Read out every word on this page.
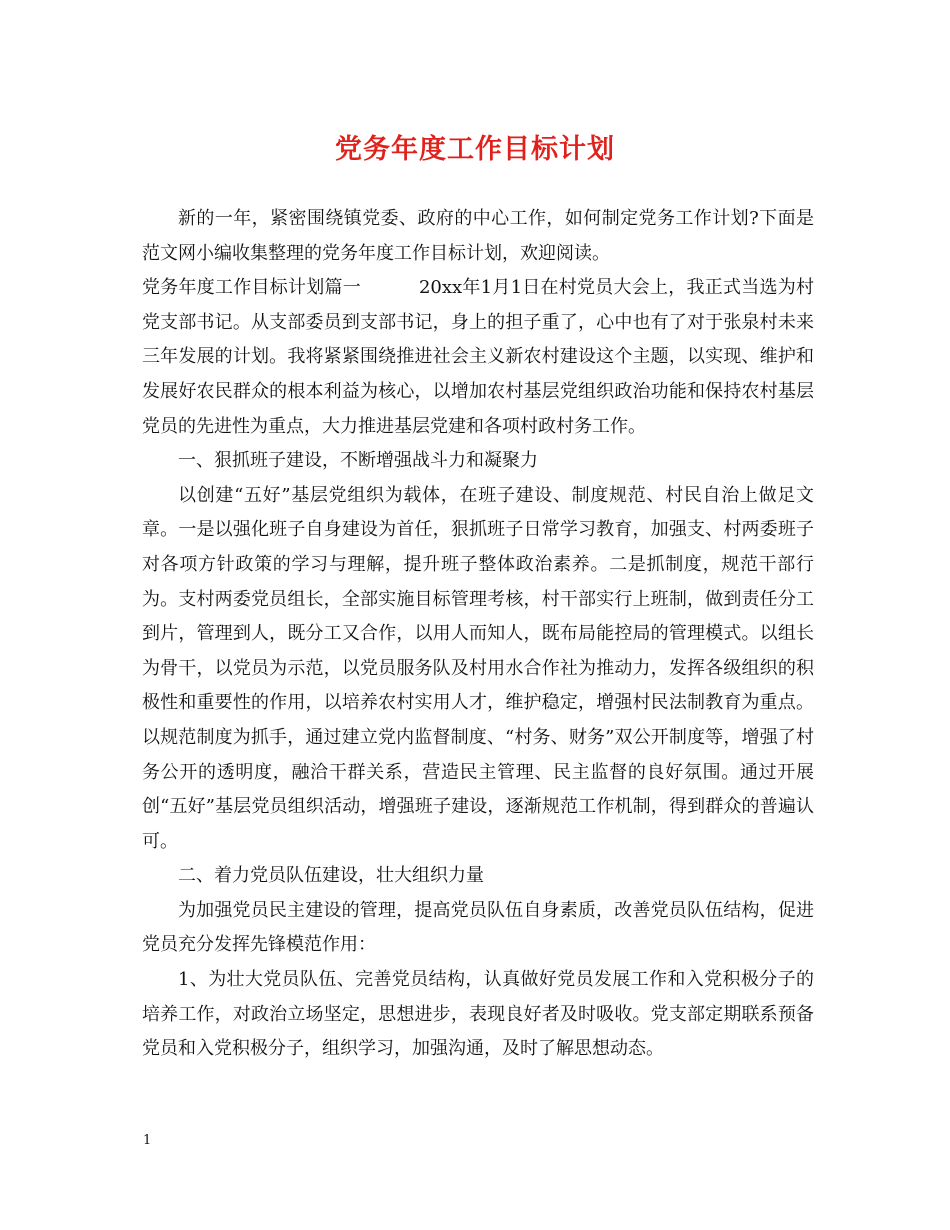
党务年度工作目标计划

新的一年，紧密围绕镇党委、政府的中心工作，如何制定党务工作计划?下面是范文网小编收集整理的党务年度工作目标计划，欢迎阅读。

党务年度工作目标计划篇一	20xx年1月1日在村党员大会上，我正式当选为村党支部书记。从支部委员到支部书记，身上的担子重了，心中也有了对于张泉村未来三年发展的计划。我将紧紧围绕推进社会主义新农村建设这个主题，以实现、维护和发展好农民群众的根本利益为核心，以增加农村基层党组织政治功能和保持农村基层党员的先进性为重点，大力推进基层党建和各项村政村务工作。

一、狠抓班子建设，不断增强战斗力和凝聚力

以创建“五好”基层党组织为载体，在班子建设、制度规范、村民自治上做足文章。一是以强化班子自身建设为首任，狠抓班子日常学习教育，加强支、村两委班子对各项方针政策的学习与理解，提升班子整体政治素养。二是抓制度，规范干部行为。支村两委党员组长，全部实施目标管理考核，村干部实行上班制，做到责任分工到片，管理到人，既分工又合作，以用人而知人，既布局能控局的管理模式。以组长为骨干，以党员为示范，以党员服务队及村用水合作社为推动力，发挥各级组织的积极性和重要性的作用，以培养农村实用人才，维护稳定，增强村民法制教育为重点。以规范制度为抓手，通过建立党内监督制度、“村务、财务”双公开制度等，增强了村务公开的透明度，融洽干群关系，营造民主管理、民主监督的良好氛围。通过开展创“五好”基层党员组织活动，增强班子建设，逐渐规范工作机制，得到群众的普遍认可。

二、着力党员队伍建设，壮大组织力量

为加强党员民主建设的管理，提高党员队伍自身素质，改善党员队伍结构，促进党员充分发挥先锋模范作用：

1、为壮大党员队伍、完善党员结构，认真做好党员发展工作和入党积极分子的培养工作，对政治立场坚定，思想进步，表现良好者及时吸收。党支部定期联系预备党员和入党积极分子，组织学习，加强沟通，及时了解思想动态。

1
